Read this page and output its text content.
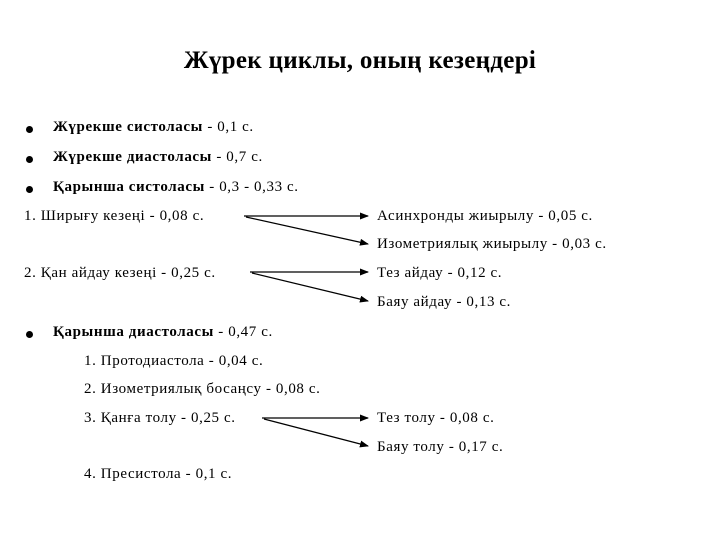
Жүрек циклы, оның кезеңдері
Жүрекше систоласы - 0,1 с.
Жүрекше диастоласы - 0,7 с.
Қарынша систоласы - 0,3 - 0,33 с.
1. Ширығу кезеңі - 0,08 с.	Асинхронды жиырылу - 0,05 с.
Изометриялық жиырылу - 0,03 с.
2. Қан айдау кезеңі - 0,25 с.	Тез айдау - 0,12 с.
Баяу айдау - 0,13 с.
Қарынша диастоласы - 0,47 с.
1. Протодиастола - 0,04 с.
2. Изометриялық босаңсу - 0,08 с.
3. Қанға толу - 0,25 с.	Тез толу - 0,08 с.
Баяу толу - 0,17 с.
4. Пресистола - 0,1 с.
